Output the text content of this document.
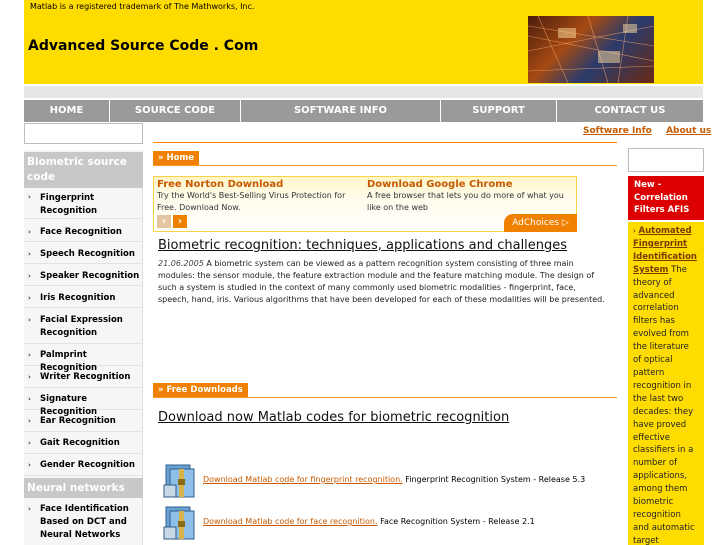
Matlab is a registered trademark of The Mathworks, Inc.
Advanced Source Code . Com
HOME	SOURCE CODE	SOFTWARE INFO	SUPPORT	CONTACT US
Software Info About us
Biometric source code
› Fingerprint Recognition
› Face Recognition
› Speech Recognition
› Speaker Recognition
› Iris Recognition
› Facial Expression Recognition
› Palmprint Recognition
› Writer Recognition
› Signature Recognition
› Ear Recognition
› Gait Recognition
› Gender Recognition
Neural networks
› Face Identification Based on DCT and Neural Networks
» Home
Free Norton Download
Try the World's Best-Selling Virus Protection for Free. Download Now.
Download Google Chrome
A free browser that lets you do more of what you like on the web
‹	›	AdChoices ▷
Biometric recognition: techniques, applications and challenges
21.06.2005 A biometric system can be viewed as a pattern recognition system consisting of three main modules: the sensor module, the feature extraction module and the feature matching module. The design of such a system is studied in the context of many commonly used biometric modalities - fingerprint, face, speech, hand, iris. Various algorithms that have been developed for each of these modalities will be presented.
» Free Downloads
Download now Matlab codes for biometric recognition
Download Matlab code for fingerprint recognition. Fingerprint Recognition System - Release 5.3
Download Matlab code for face recognition. Face Recognition System - Release 2.1
New - Correlation Filters AFIS
› Automated Fingerprint Identification System The theory of advanced correlation filters has evolved from the literature of optical pattern recognition in the last two decades: they have proved effective classifiers in a number of applications, among them biometric recognition and automatic target
